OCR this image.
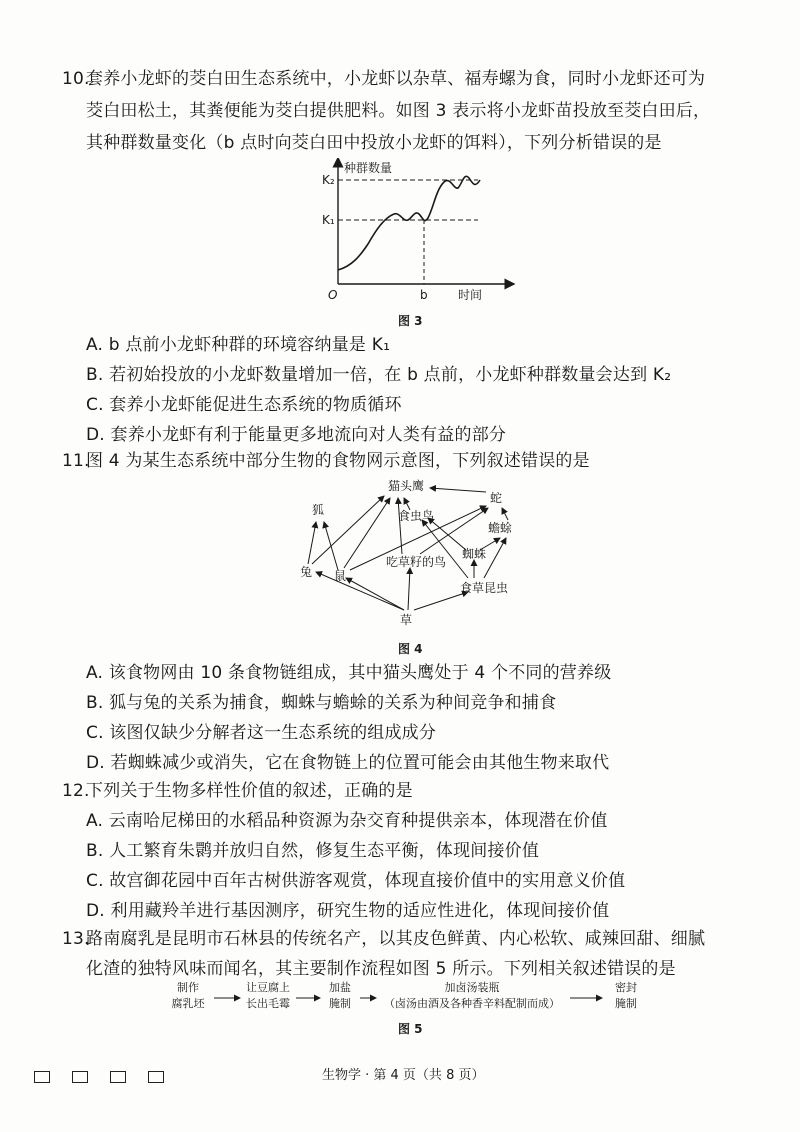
10.
套养小龙虾的茭白田生态系统中，小龙虾以杂草、福寿螺为食，同时小龙虾还可为
茭白田松土，其粪便能为茭白提供肥料。如图 3 表示将小龙虾苗投放至茭白田后，
其种群数量变化（b 点时向茭白田中投放小龙虾的饵料），下列分析错误的是
种群数量
K₂
K₁
O	b	时间
图 3
A. b 点前小龙虾种群的环境容纳量是 K₁
B. 若初始投放的小龙虾数量增加一倍，在 b 点前，小龙虾种群数量会达到 K₂
C. 套养小龙虾能促进生态系统的物质循环
D. 套养小龙虾有利于能量更多地流向对人类有益的部分
11.
图 4 为某生态系统中部分生物的食物网示意图，下列叙述错误的是
猫头鹰
蛇
狐	食虫鸟
蟾蜍
蜘蛛
吃草籽的鸟
兔 鼠
食草昆虫
草
图 4
A. 该食物网由 10 条食物链组成，其中猫头鹰处于 4 个不同的营养级
B. 狐与兔的关系为捕食，蜘蛛与蟾蜍的关系为种间竞争和捕食
C. 该图仅缺少分解者这一生态系统的组成成分
D. 若蜘蛛减少或消失，它在食物链上的位置可能会由其他生物来取代
12.
下列关于生物多样性价值的叙述，正确的是
A. 云南哈尼梯田的水稻品种资源为杂交育种提供亲本，体现潜在价值
B. 人工繁育朱鹮并放归自然，修复生态平衡，体现间接价值
C. 故宫御花园中百年古树供游客观赏，体现直接价值中的实用意义价值
D. 利用藏羚羊进行基因测序，研究生物的适应性进化，体现间接价值
13.
路南腐乳是昆明市石林县的传统名产，以其皮色鲜黄、内心松软、咸辣回甜、细腻
化渣的独特风味而闻名，其主要制作流程如图 5 所示。下列相关叙述错误的是
制作
腐乳坯
让豆腐上
长出毛霉
加盐
腌制
加卤汤装瓶
（卤汤由酒及各种香辛料配制而成）
密封
腌制
图 5
生物学 · 第 4 页（共 8 页）
